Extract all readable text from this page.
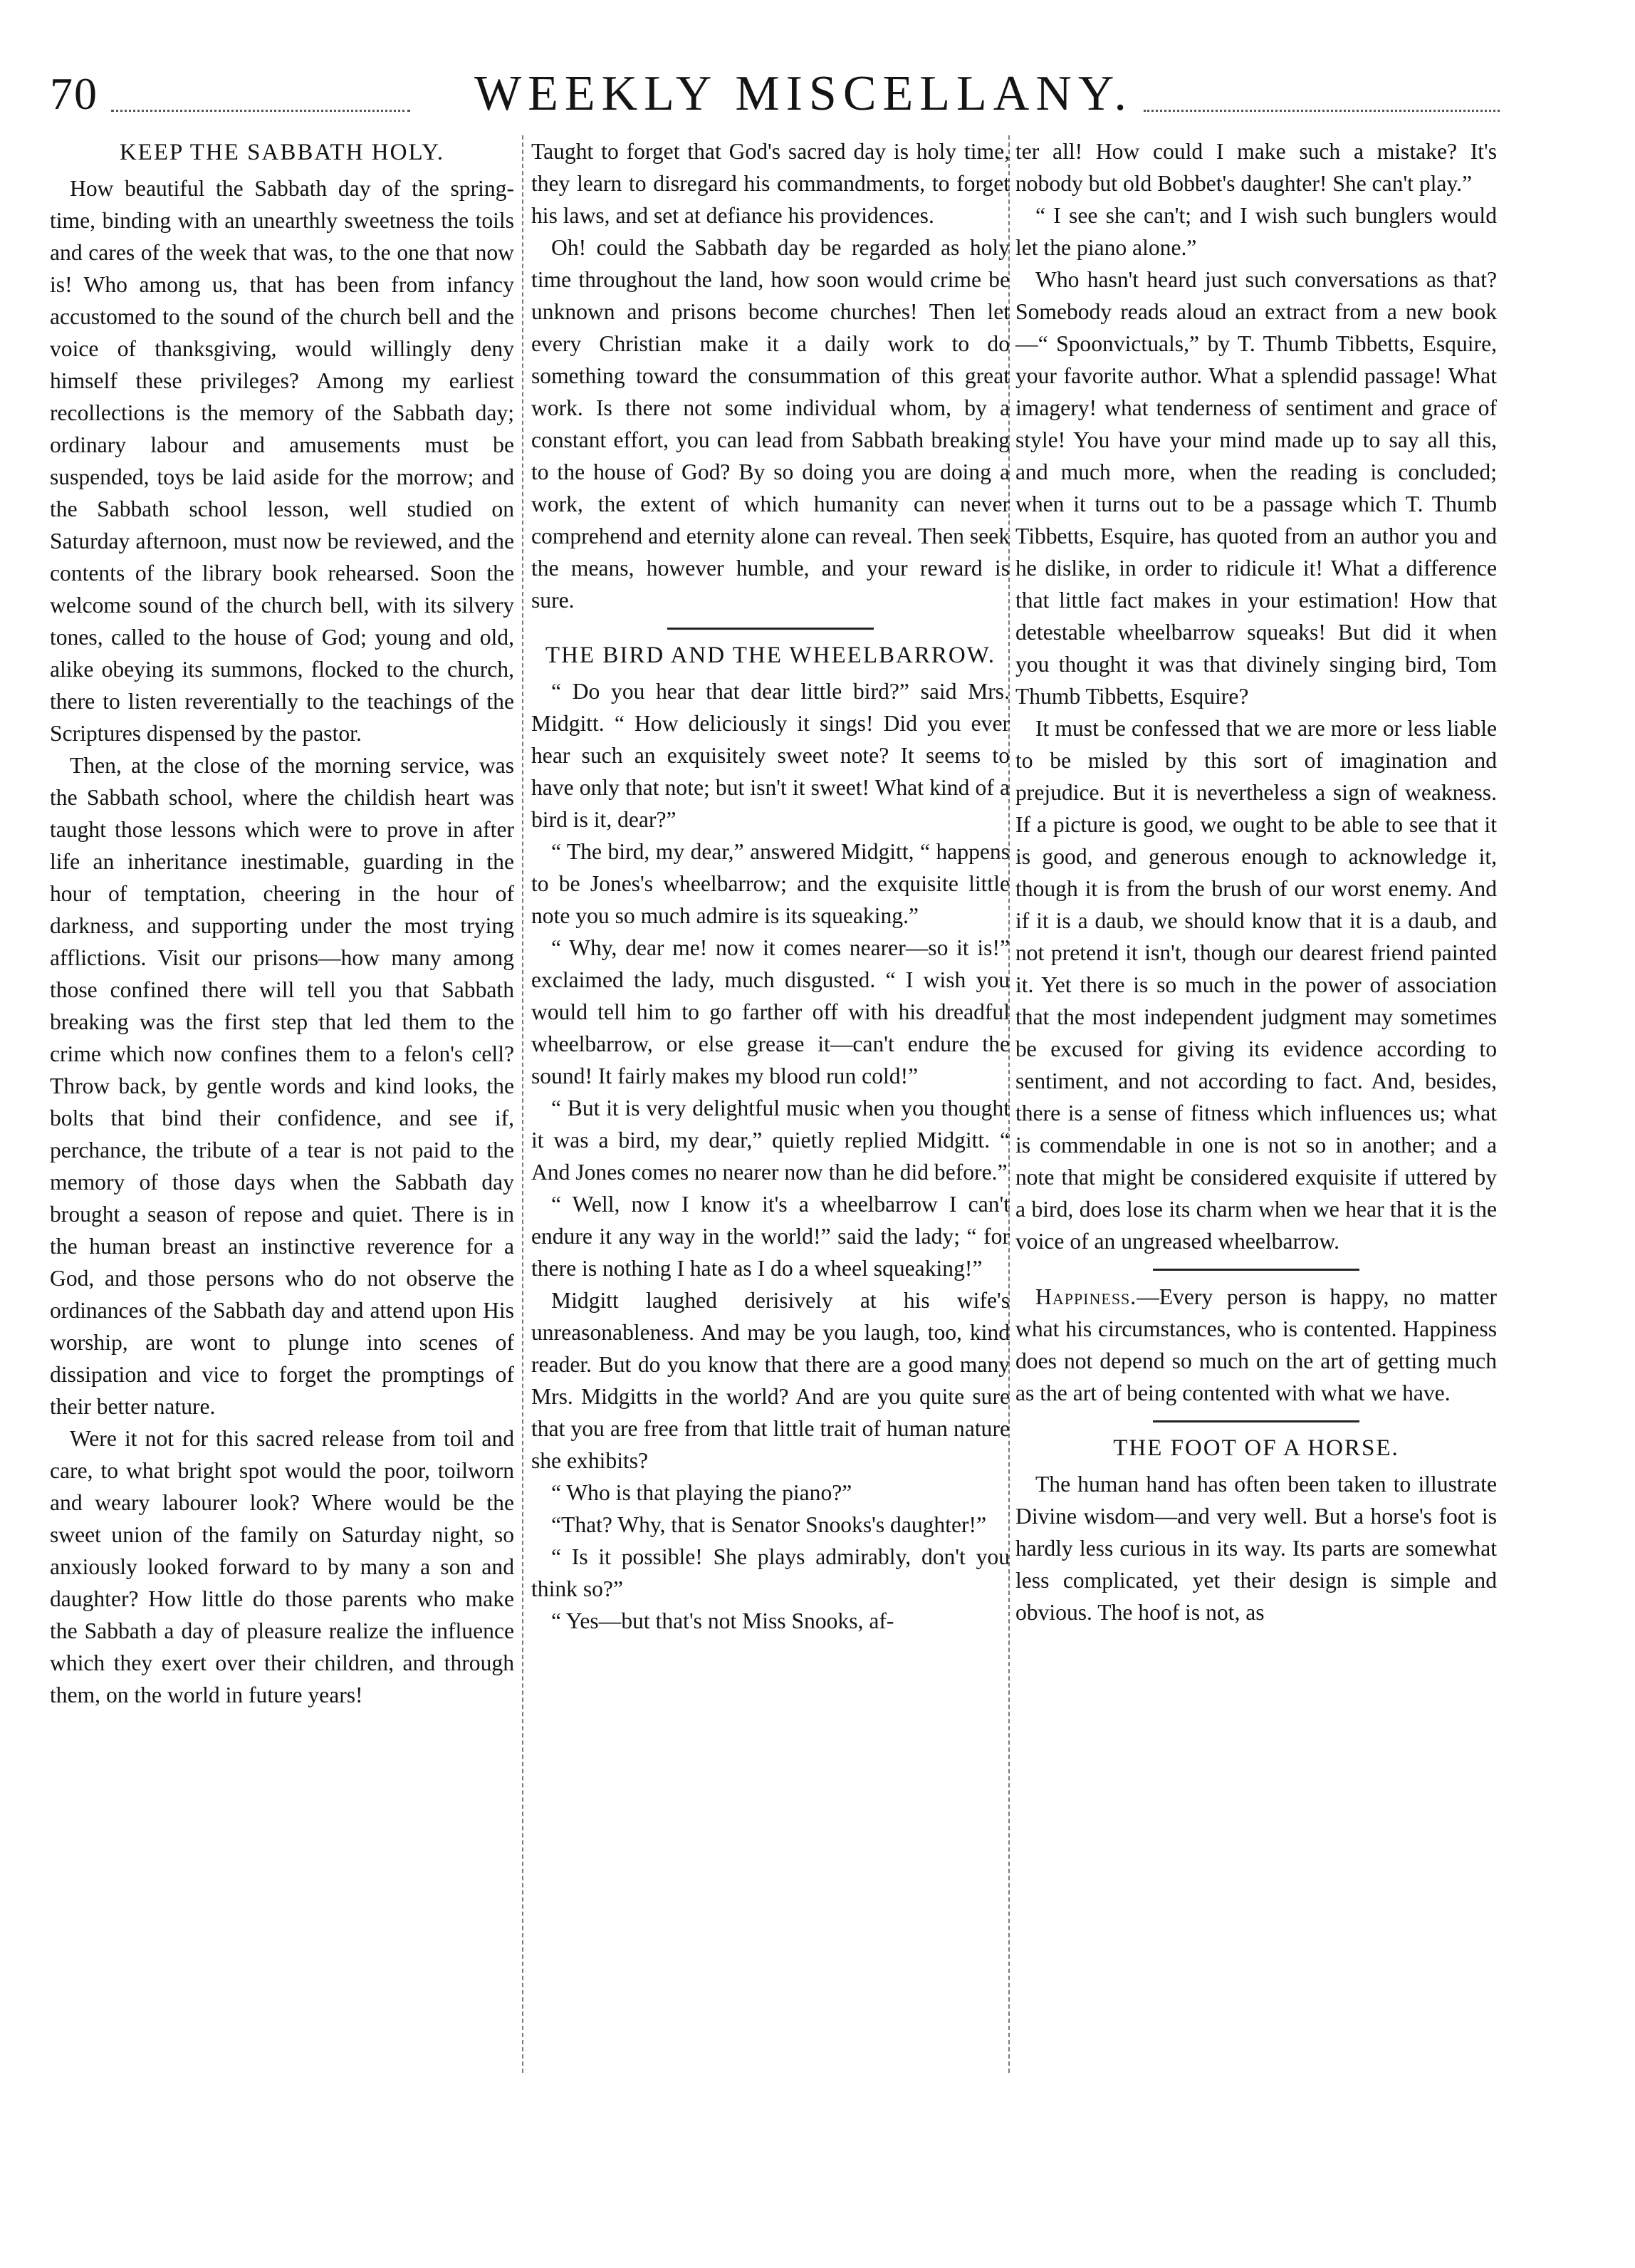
70	WEEKLY MISCELLANY.
KEEP THE SABBATH HOLY.

How beautiful the Sabbath day of the spring-time, binding with an unearthly sweetness the toils and cares of the week that was, to the one that now is! Who among us, that has been from infancy accustomed to the sound of the church bell and the voice of thanksgiving, would willingly deny himself these privileges? Among my earliest recollections is the memory of the Sabbath day; ordinary labour and amusements must be suspended, toys be laid aside for the morrow; and the Sabbath school lesson, well studied on Saturday afternoon, must now be reviewed, and the contents of the library book rehearsed. Soon the welcome sound of the church bell, with its silvery tones, called to the house of God; young and old, alike obeying its summons, flocked to the church, there to listen reverentially to the teachings of the Scriptures dispensed by the pastor.

Then, at the close of the morning service, was the Sabbath school, where the childish heart was taught those lessons which were to prove in after life an inheritance inestimable, guarding in the hour of temptation, cheering in the hour of darkness, and supporting under the most trying afflictions. Visit our prisons—how many among those confined there will tell you that Sabbath breaking was the first step that led them to the crime which now confines them to a felon's cell? Throw back, by gentle words and kind looks, the bolts that bind their confidence, and see if, perchance, the tribute of a tear is not paid to the memory of those days when the Sabbath day brought a season of repose and quiet. There is in the human breast an instinctive reverence for a God, and those persons who do not observe the ordinances of the Sabbath day and attend upon His worship, are wont to plunge into scenes of dissipation and vice to forget the promptings of their better nature.

Were it not for this sacred release from toil and care, to what bright spot would the poor, toilworn and weary labourer look? Where would be the sweet union of the family on Saturday night, so anxiously looked forward to by many a son and daughter? How little do those parents who make the Sabbath a day of pleasure realize the influence which they exert over their children, and through them, on the world in future years!

Taught to forget that God's sacred day is holy time, they learn to disregard his commandments, to forget his laws, and set at defiance his providences.

Oh! could the Sabbath day be regarded as holy time throughout the land, how soon would crime be unknown and prisons become churches! Then let every Christian make it a daily work to do something toward the consummation of this great work. Is there not some individual whom, by a constant effort, you can lead from Sabbath breaking to the house of God? By so doing you are doing a work, the extent of which humanity can never comprehend and eternity alone can reveal. Then seek the means, however humble, and your reward is sure.

THE BIRD AND THE WHEELBARROW.

“ Do you hear that dear little bird?” said Mrs. Midgitt. “ How deliciously it sings! Did you ever hear such an exquisitely sweet note? It seems to have only that note; but isn't it sweet! What kind of a bird is it, dear?”

“ The bird, my dear,” answered Midgitt, “ happens to be Jones's wheelbarrow; and the exquisite little note you so much admire is its squeaking.”

“ Why, dear me! now it comes nearer—so it is!” exclaimed the lady, much disgusted. “ I wish you would tell him to go farther off with his dreadful wheelbarrow, or else grease it—can't endure the sound! It fairly makes my blood run cold!”

“ But it is very delightful music when you thought it was a bird, my dear,” quietly replied Midgitt. “ And Jones comes no nearer now than he did before.”

“ Well, now I know it's a wheelbarrow I can't endure it any way in the world!” said the lady; “ for there is nothing I hate as I do a wheel squeaking!”

Midgitt laughed derisively at his wife's unreasonableness. And may be you laugh, too, kind reader. But do you know that there are a good many Mrs. Midgitts in the world? And are you quite sure that you are free from that little trait of human nature she exhibits?

“ Who is that playing the piano?”

“That? Why, that is Senator Snooks's daughter!”

“ Is it possible! She plays admirably, don't you think so?”

“ Yes—but that's not Miss Snooks, af-

ter all! How could I make such a mistake? It's nobody but old Bobbet's daughter! She can't play.”

“ I see she can't; and I wish such bunglers would let the piano alone.”

Who hasn't heard just such conversations as that? Somebody reads aloud an extract from a new book—“ Spoonvictuals,” by T. Thumb Tibbetts, Esquire, your favorite author. What a splendid passage! What imagery! what tenderness of sentiment and grace of style! You have your mind made up to say all this, and much more, when the reading is concluded; when it turns out to be a passage which T. Thumb Tibbetts, Esquire, has quoted from an author you and he dislike, in order to ridicule it! What a difference that little fact makes in your estimation! How that detestable wheelbarrow squeaks! But did it when you thought it was that divinely singing bird, Tom Thumb Tibbetts, Esquire?

It must be confessed that we are more or less liable to be misled by this sort of imagination and prejudice. But it is nevertheless a sign of weakness. If a picture is good, we ought to be able to see that it is good, and generous enough to acknowledge it, though it is from the brush of our worst enemy. And if it is a daub, we should know that it is a daub, and not pretend it isn't, though our dearest friend painted it. Yet there is so much in the power of association that the most independent judgment may sometimes be excused for giving its evidence according to sentiment, and not according to fact. And, besides, there is a sense of fitness which influences us; what is commendable in one is not so in another; and a note that might be considered exquisite if uttered by a bird, does lose its charm when we hear that it is the voice of an ungreased wheelbarrow.

Happiness.—Every person is happy, no matter what his circumstances, who is contented. Happiness does not depend so much on the art of getting much as the art of being contented with what we have.

THE FOOT OF A HORSE.

The human hand has often been taken to illustrate Divine wisdom—and very well. But a horse's foot is hardly less curious in its way. Its parts are somewhat less complicated, yet their design is simple and obvious. The hoof is not, as
